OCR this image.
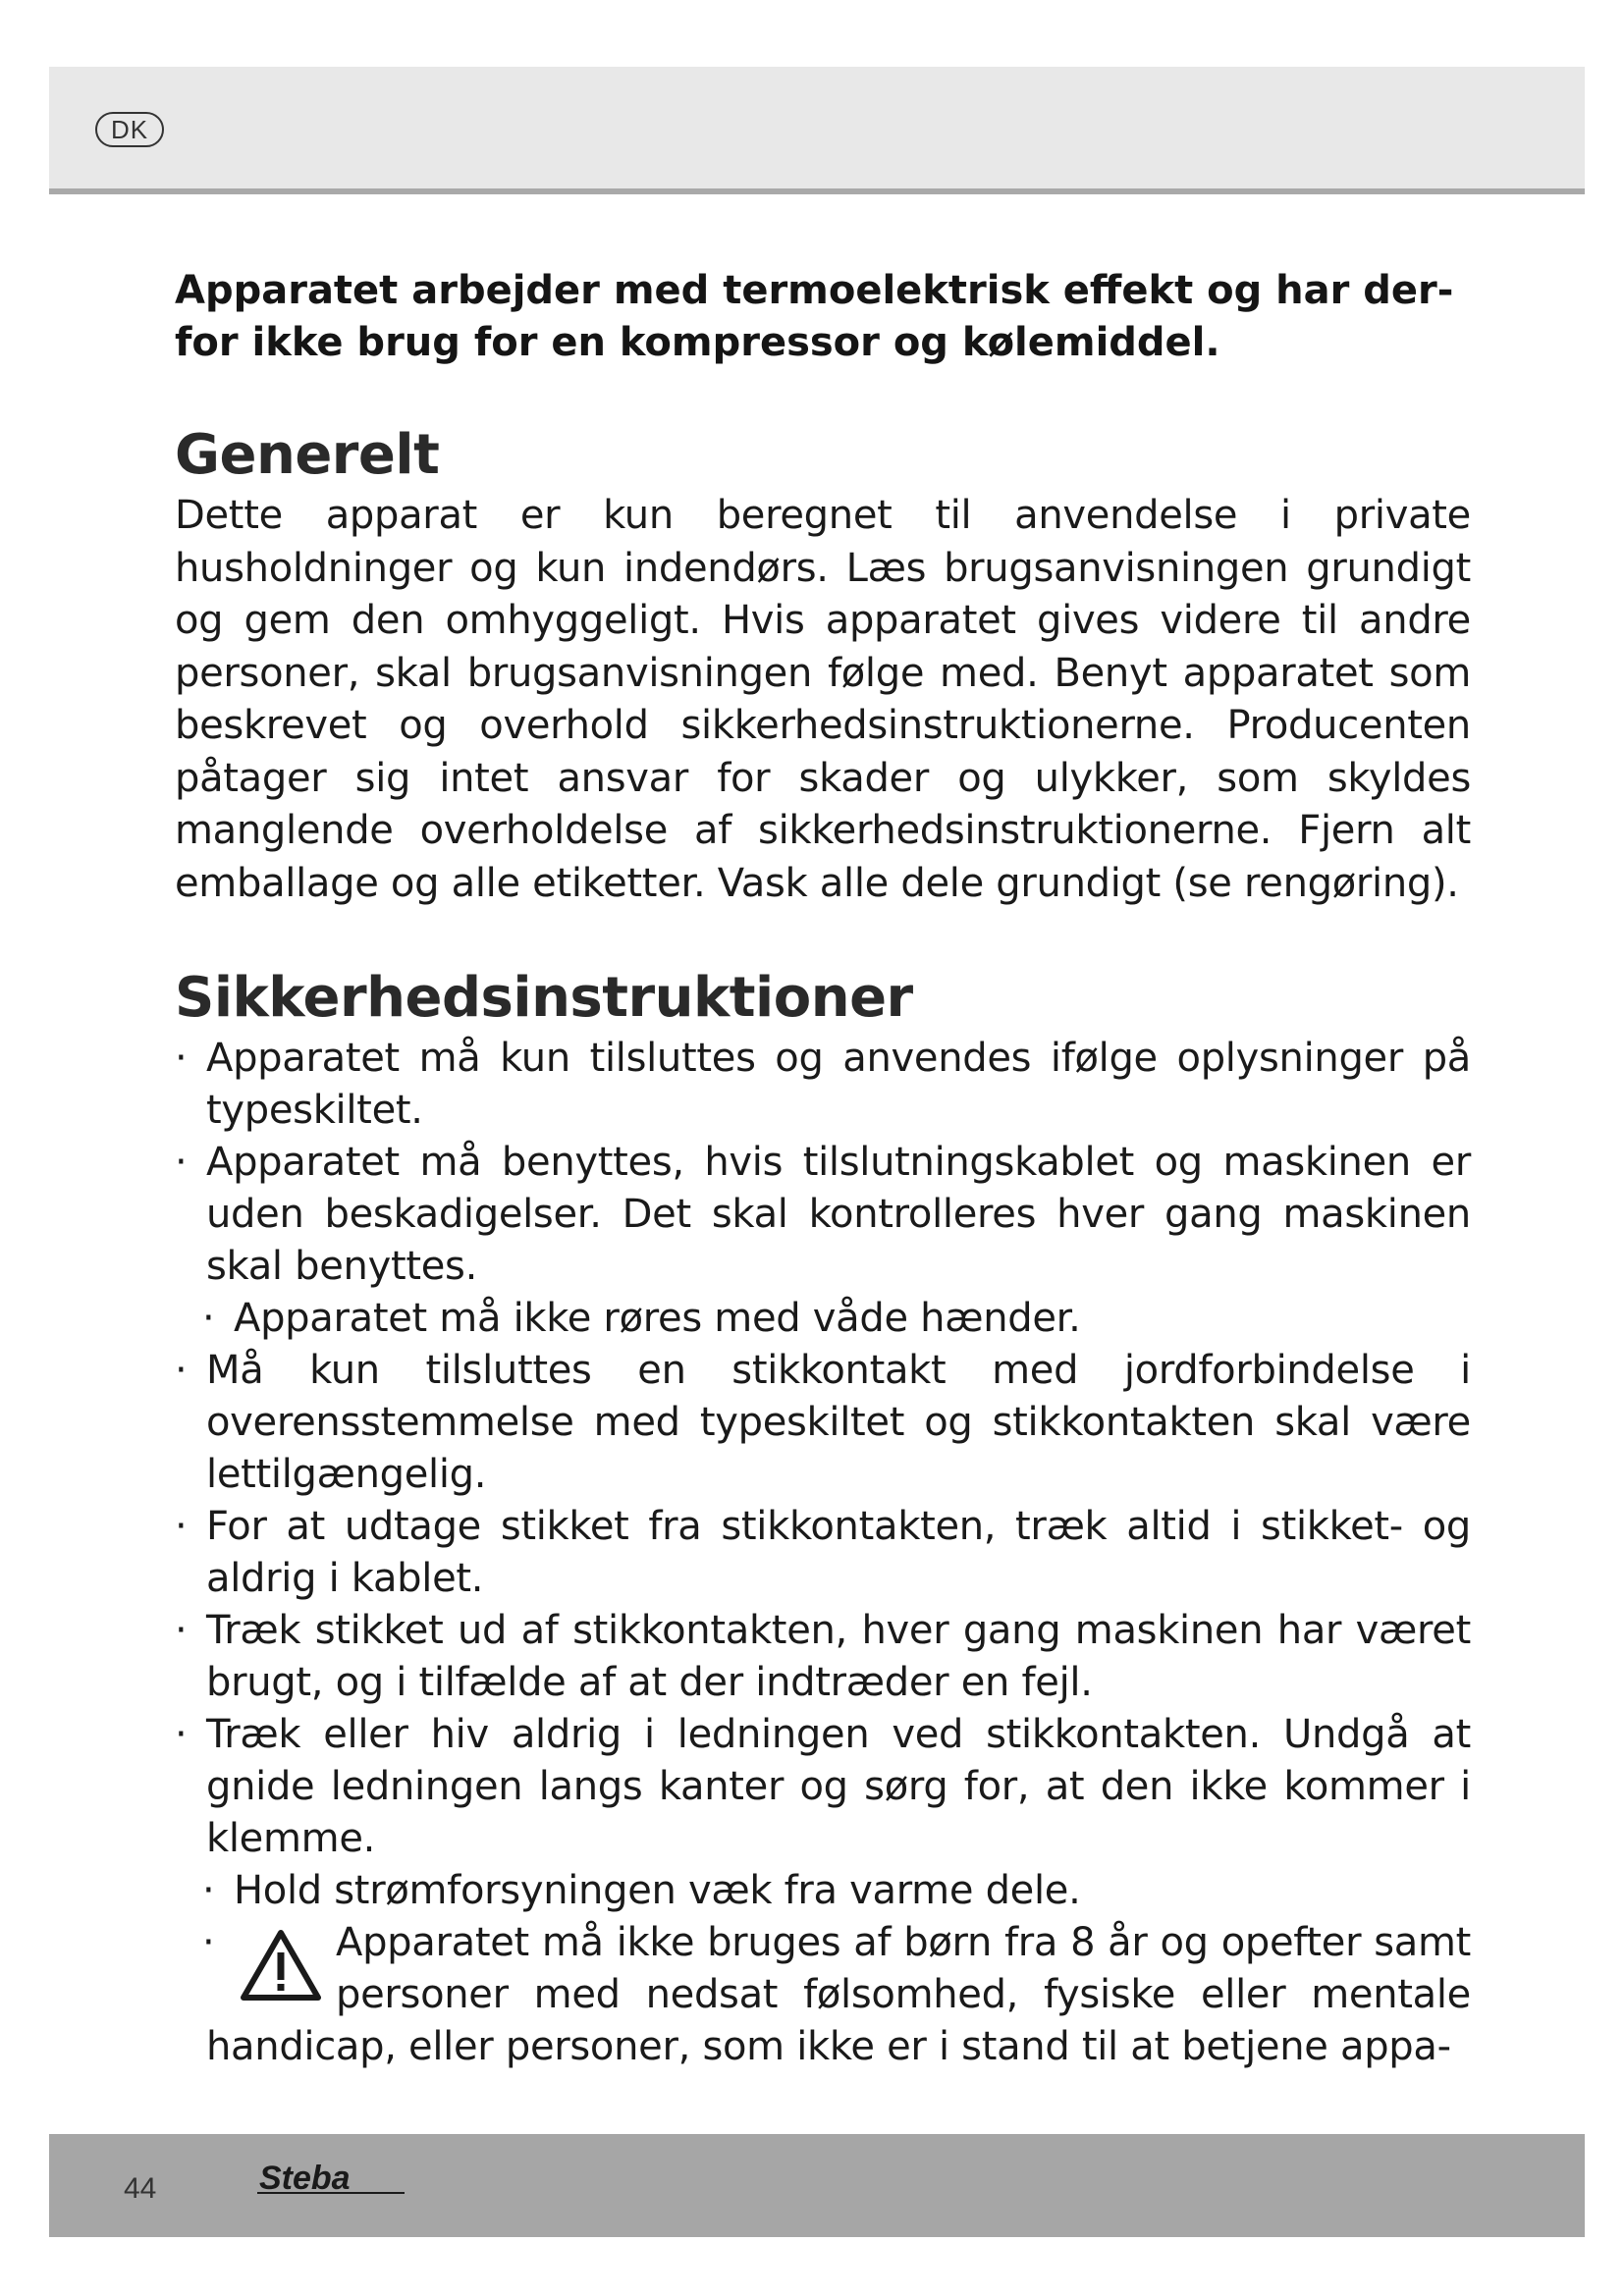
DK

Apparatet arbejder med termoelektrisk effekt og har der-
for ikke brug for en kompressor og kølemiddel.

Generelt

Dette apparat er kun beregnet til anvendelse i private husholdninger og kun indendørs. Læs brugsanvisningen grundigt og gem den omhyggeligt. Hvis apparatet gives videre til andre personer, skal brugsanvisningen følge med. Benyt apparatet som beskrevet og overhold sikkerhedsinstruktionerne. Producenten påtager sig intet ansvar for skader og ulykker, som skyldes manglende overholdelse af sikkerhedsinstruktionerne. Fjern alt emballage og alle etiketter. Vask alle dele grundigt (se rengøring).

Sikkerhedsinstruktioner
· Apparatet må kun tilsluttes og anvendes ifølge oplysninger på typeskiltet.
· Apparatet må benyttes, hvis tilslutningskablet og maskinen er uden beskadigelser. Det skal kontrolleres hver gang maskinen skal benyttes.
· Apparatet må ikke røres med våde hænder.
· Må kun tilsluttes en stikkontakt med jordforbindelse i overensstemmelse med typeskiltet og stikkontakten skal være lettilgængelig.
· For at udtage stikket fra stikkontakten, træk altid i stikket- og aldrig i kablet.
· Træk stikket ud af stikkontakten, hver gang maskinen har været brugt, og i tilfælde af at der indtræder en fejl.
· Træk eller hiv aldrig i ledningen ved stikkontakten. Undgå at gnide ledningen langs kanter og sørg for, at den ikke kommer i klemme.
· Hold strømforsyningen væk fra varme dele.
·	Apparatet må ikke bruges af børn fra 8 år og opefter samt personer med nedsat følsomhed, fysiske eller mentale handicap, eller personer, som ikke er i stand til at betjene appa-
44	Steba
